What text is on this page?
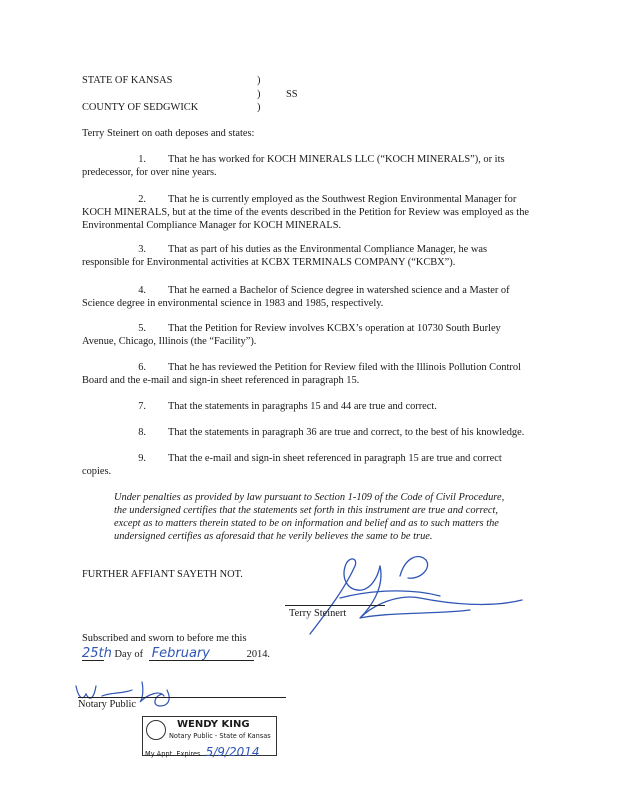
STATE OF KANSAS	)
) SS
COUNTY OF SEDGWICK	)
Terry Steinert on oath deposes and states:
1. That he has worked for KOCH MINERALS LLC (“KOCH MINERALS”), or its predecessor, for over nine years.
2. That he is currently employed as the Southwest Region Environmental Manager for KOCH MINERALS, but at the time of the events described in the Petition for Review was employed as the Environmental Compliance Manager for KOCH MINERALS.
3. That as part of his duties as the Environmental Compliance Manager, he was responsible for Environmental activities at KCBX TERMINALS COMPANY (“KCBX”).
4. That he earned a Bachelor of Science degree in watershed science and a Master of Science degree in environmental science in 1983 and 1985, respectively.
5. That the Petition for Review involves KCBX’s operation at 10730 South Burley Avenue, Chicago, Illinois (the “Facility”).
6. That he has reviewed the Petition for Review filed with the Illinois Pollution Control Board and the e-mail and sign-in sheet referenced in paragraph 15.
7. That the statements in paragraphs 15 and 44 are true and correct.
8. That the statements in paragraph 36 are true and correct, to the best of his knowledge.
9. That the e-mail and sign-in sheet referenced in paragraph 15 are true and correct copies.
Under penalties as provided by law pursuant to Section 1-109 of the Code of Civil Procedure, the undersigned certifies that the statements set forth in this instrument are true and correct, except as to matters therein stated to be on information and belief and as to such matters the undersigned certifies as aforesaid that he verily believes the same to be true.
FURTHER AFFIANT SAYETH NOT.
Terry Steinert
Subscribed and sworn to before me this
25th Day of February	2014.
Notary Public
WENDY KING
Notary Public - State of Kansas
My Appt. Expires 5/9/2014
